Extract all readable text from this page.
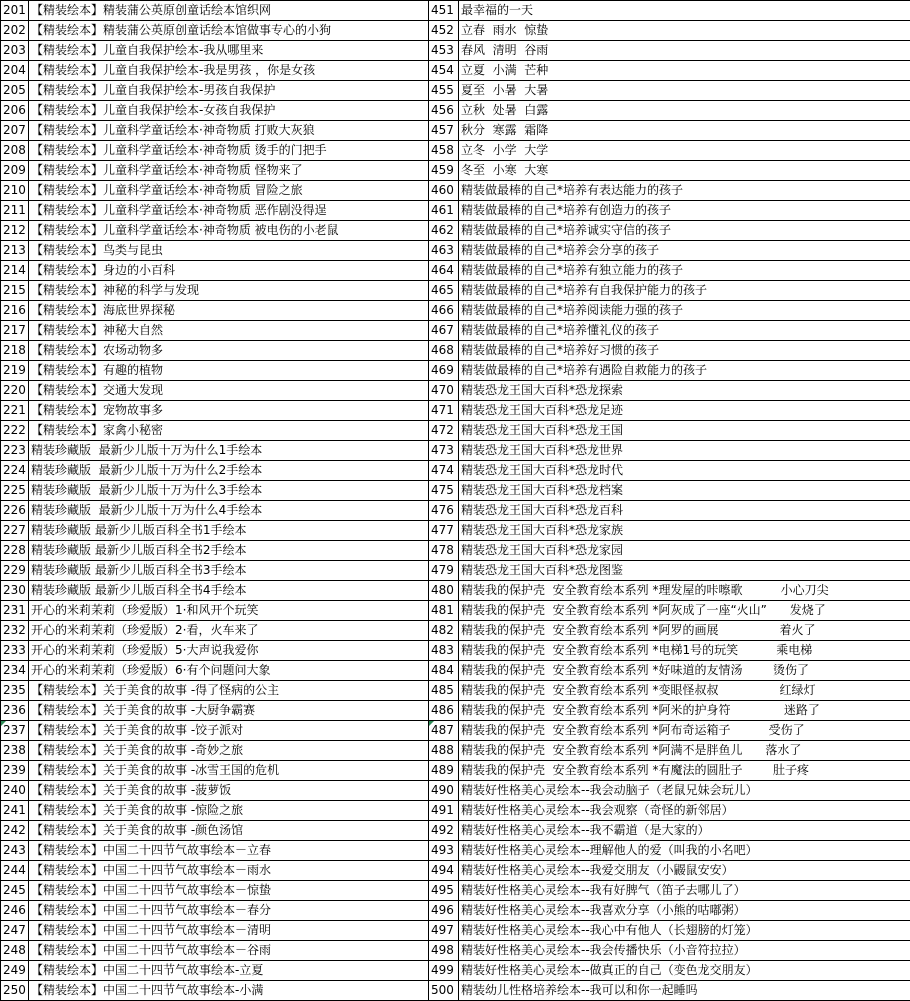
201	【精装绘本】精装蒲公英原创童话绘本馆织网	451	最幸福的一天
202	【精装绘本】精装蒲公英原创童话绘本馆做事专心的小狗	452	立春  雨水  惊蛰
203	【精装绘本】儿童自我保护绘本-我从哪里来	453	春风  清明  谷雨
204	【精装绘本】儿童自我保护绘本-我是男孩 ，你是女孩	454	立夏  小满  芒种
205	【精装绘本】儿童自我保护绘本-男孩自我保护	455	夏至  小暑  大暑
206	【精装绘本】儿童自我保护绘本-女孩自我保护	456	立秋  处暑  白露
207	【精装绘本】儿童科学童话绘本·神奇物质 打败大灰狼	457	秋分  寒露  霜降
208	【精装绘本】儿童科学童话绘本·神奇物质 烫手的门把手	458	立冬  小学  大学
209	【精装绘本】儿童科学童话绘本·神奇物质 怪物来了	459	冬至  小寒  大寒
210	【精装绘本】儿童科学童话绘本·神奇物质 冒险之旅	460	精装做最棒的自己*培养有表达能力的孩子
211	【精装绘本】儿童科学童话绘本·神奇物质 恶作剧没得逞	461	精装做最棒的自己*培养有创造力的孩子
212	【精装绘本】儿童科学童话绘本·神奇物质 被电伤的小老鼠	462	精装做最棒的自己*培养诚实守信的孩子
213	【精装绘本】鸟类与昆虫	463	精装做最棒的自己*培养会分享的孩子
214	【精装绘本】身边的小百科	464	精装做最棒的自己*培养有独立能力的孩子
215	【精装绘本】神秘的科学与发现	465	精装做最棒的自己*培养有自我保护能力的孩子
216	【精装绘本】海底世界探秘	466	精装做最棒的自己*培养阅读能力强的孩子
217	【精装绘本】神秘大自然	467	精装做最棒的自己*培养懂礼仪的孩子
218	【精装绘本】农场动物多	468	精装做最棒的自己*培养好习惯的孩子
219	【精装绘本】有趣的植物	469	精装做最棒的自己*培养有遇险自救能力的孩子
220	【精装绘本】交通大发现	470	精装恐龙王国大百科*恐龙探索
221	【精装绘本】宠物故事多	471	精装恐龙王国大百科*恐龙足迹
222	【精装绘本】家禽小秘密	472	精装恐龙王国大百科*恐龙王国
223	精装珍藏版  最新少儿版十万为什么1手绘本	473	精装恐龙王国大百科*恐龙世界
224	精装珍藏版  最新少儿版十万为什么2手绘本	474	精装恐龙王国大百科*恐龙时代
225	精装珍藏版  最新少儿版十万为什么3手绘本	475	精装恐龙王国大百科*恐龙档案
226	精装珍藏版  最新少儿版十万为什么4手绘本	476	精装恐龙王国大百科*恐龙百科
227	精装珍藏版 最新少儿版百科全书1手绘本	477	精装恐龙王国大百科*恐龙家族
228	精装珍藏版 最新少儿版百科全书2手绘本	478	精装恐龙王国大百科*恐龙家园
229	精装珍藏版 最新少儿版百科全书3手绘本	479	精装恐龙王国大百科*恐龙图鉴
230	精装珍藏版 最新少儿版百科全书4手绘本	480	精装我的保护壳  安全教育绘本系列 *理发屋的咔嚓歌          小心刀尖
231	开心的米莉茉莉（珍爱版）1·和风开个玩笑	481	精装我的保护壳  安全教育绘本系列 *阿灰成了一座“火山”      发烧了
232	开心的米莉茉莉（珍爱版）2·看，火车来了	482	精装我的保护壳  安全教育绘本系列 *阿罗的画展                着火了
233	开心的米莉茉莉（珍爱版）5·大声说我爱你	483	精装我的保护壳  安全教育绘本系列 *电梯1号的玩笑          乘电梯
234	开心的米莉茉莉（珍爱版）6·有个问题问大象	484	精装我的保护壳  安全教育绘本系列 *好味道的友情汤        烫伤了
235	【精装绘本】关于美食的故事 -得了怪病的公主	485	精装我的保护壳  安全教育绘本系列 *变眼怪叔叔                红绿灯
236	【精装绘本】关于美食的故事 -大厨争霸赛	486	精装我的保护壳  安全教育绘本系列 *阿米的护身符              迷路了
237	【精装绘本】关于美食的故事 -饺子派对	487	精装我的保护壳  安全教育绘本系列 *阿布奇运箱子          受伤了
238	【精装绘本】关于美食的故事 -奇妙之旅	488	精装我的保护壳  安全教育绘本系列 *阿满不是胖鱼儿      落水了
239	【精装绘本】关于美食的故事 -冰雪王国的危机	489	精装我的保护壳  安全教育绘本系列 *有魔法的圆肚子        肚子疼
240	【精装绘本】关于美食的故事 -菠萝饭	490	精装好性格美心灵绘本--我会动脑子（老鼠兄妹会玩儿）
241	【精装绘本】关于美食的故事 -惊险之旅	491	精装好性格美心灵绘本--我会观察（奇怪的新邻居）
242	【精装绘本】关于美食的故事 -颜色汤馆	492	精装好性格美心灵绘本--我不霸道（是大家的）
243	【精装绘本】中国二十四节气故事绘本－立春	493	精装好性格美心灵绘本--理解他人的爱（叫我的小名吧）
244	【精装绘本】中国二十四节气故事绘本－雨水	494	精装好性格美心灵绘本--我爱交朋友（小鼹鼠安安）
245	【精装绘本】中国二十四节气故事绘本－惊蛰	495	精装好性格美心灵绘本--我有好脾气（笛子去哪儿了）
246	【精装绘本】中国二十四节气故事绘本－春分	496	精装好性格美心灵绘本--我喜欢分享（小熊的咕嘟粥）
247	【精装绘本】中国二十四节气故事绘本－清明	497	精装好性格美心灵绘本--我心中有他人（长翅膀的灯笼）
248	【精装绘本】中国二十四节气故事绘本－谷雨	498	精装好性格美心灵绘本--我会传播快乐（小音符拉拉）
249	【精装绘本】中国二十四节气故事绘本-立夏	499	精装好性格美心灵绘本--做真正的自己（变色龙交朋友）
250	【精装绘本】中国二十四节气故事绘本-小满	500	精装幼儿性格培养绘本--我可以和你一起睡吗
